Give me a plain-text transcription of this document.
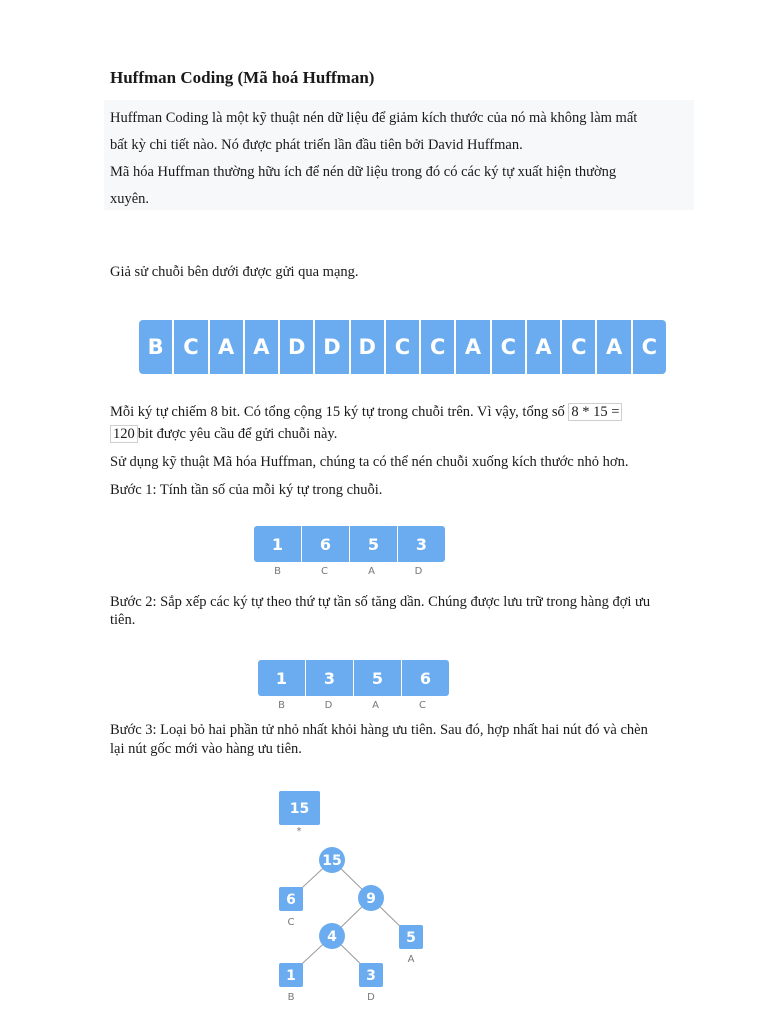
Huffman Coding (Mã hoá Huffman)
Huffman Coding là một kỹ thuật nén dữ liệu để giảm kích thước của nó mà không làm mất
bất kỳ chi tiết nào. Nó được phát triển lần đầu tiên bởi David Huffman.
Mã hóa Huffman thường hữu ích để nén dữ liệu trong đó có các ký tự xuất hiện thường
xuyên.
Giả sử chuỗi bên dưới được gửi qua mạng.
B C A A D D D C C A C A C A C
Mỗi ký tự chiếm 8 bit. Có tổng cộng 15 ký tự trong chuỗi trên. Vì vậy, tổng số 8 * 15 =
120 bit được yêu cầu để gửi chuỗi này.
Sử dụng kỹ thuật Mã hóa Huffman, chúng ta có thể nén chuỗi xuống kích thước nhỏ hơn.
Bước 1: Tính tần số của mỗi ký tự trong chuỗi.
1	6	5	3
B	C	A	D
Bước 2: Sắp xếp các ký tự theo thứ tự tần số tăng dần. Chúng được lưu trữ trong hàng đợi ưu
tiên.
1	3	5	6
B	D	A	C
Bước 3: Loại bỏ hai phần tử nhỏ nhất khỏi hàng ưu tiên. Sau đó, hợp nhất hai nút đó và chèn
lại nút gốc mới vào hàng ưu tiên.
15
*
15
6
C
9
4	5
A
1
B
3
D
